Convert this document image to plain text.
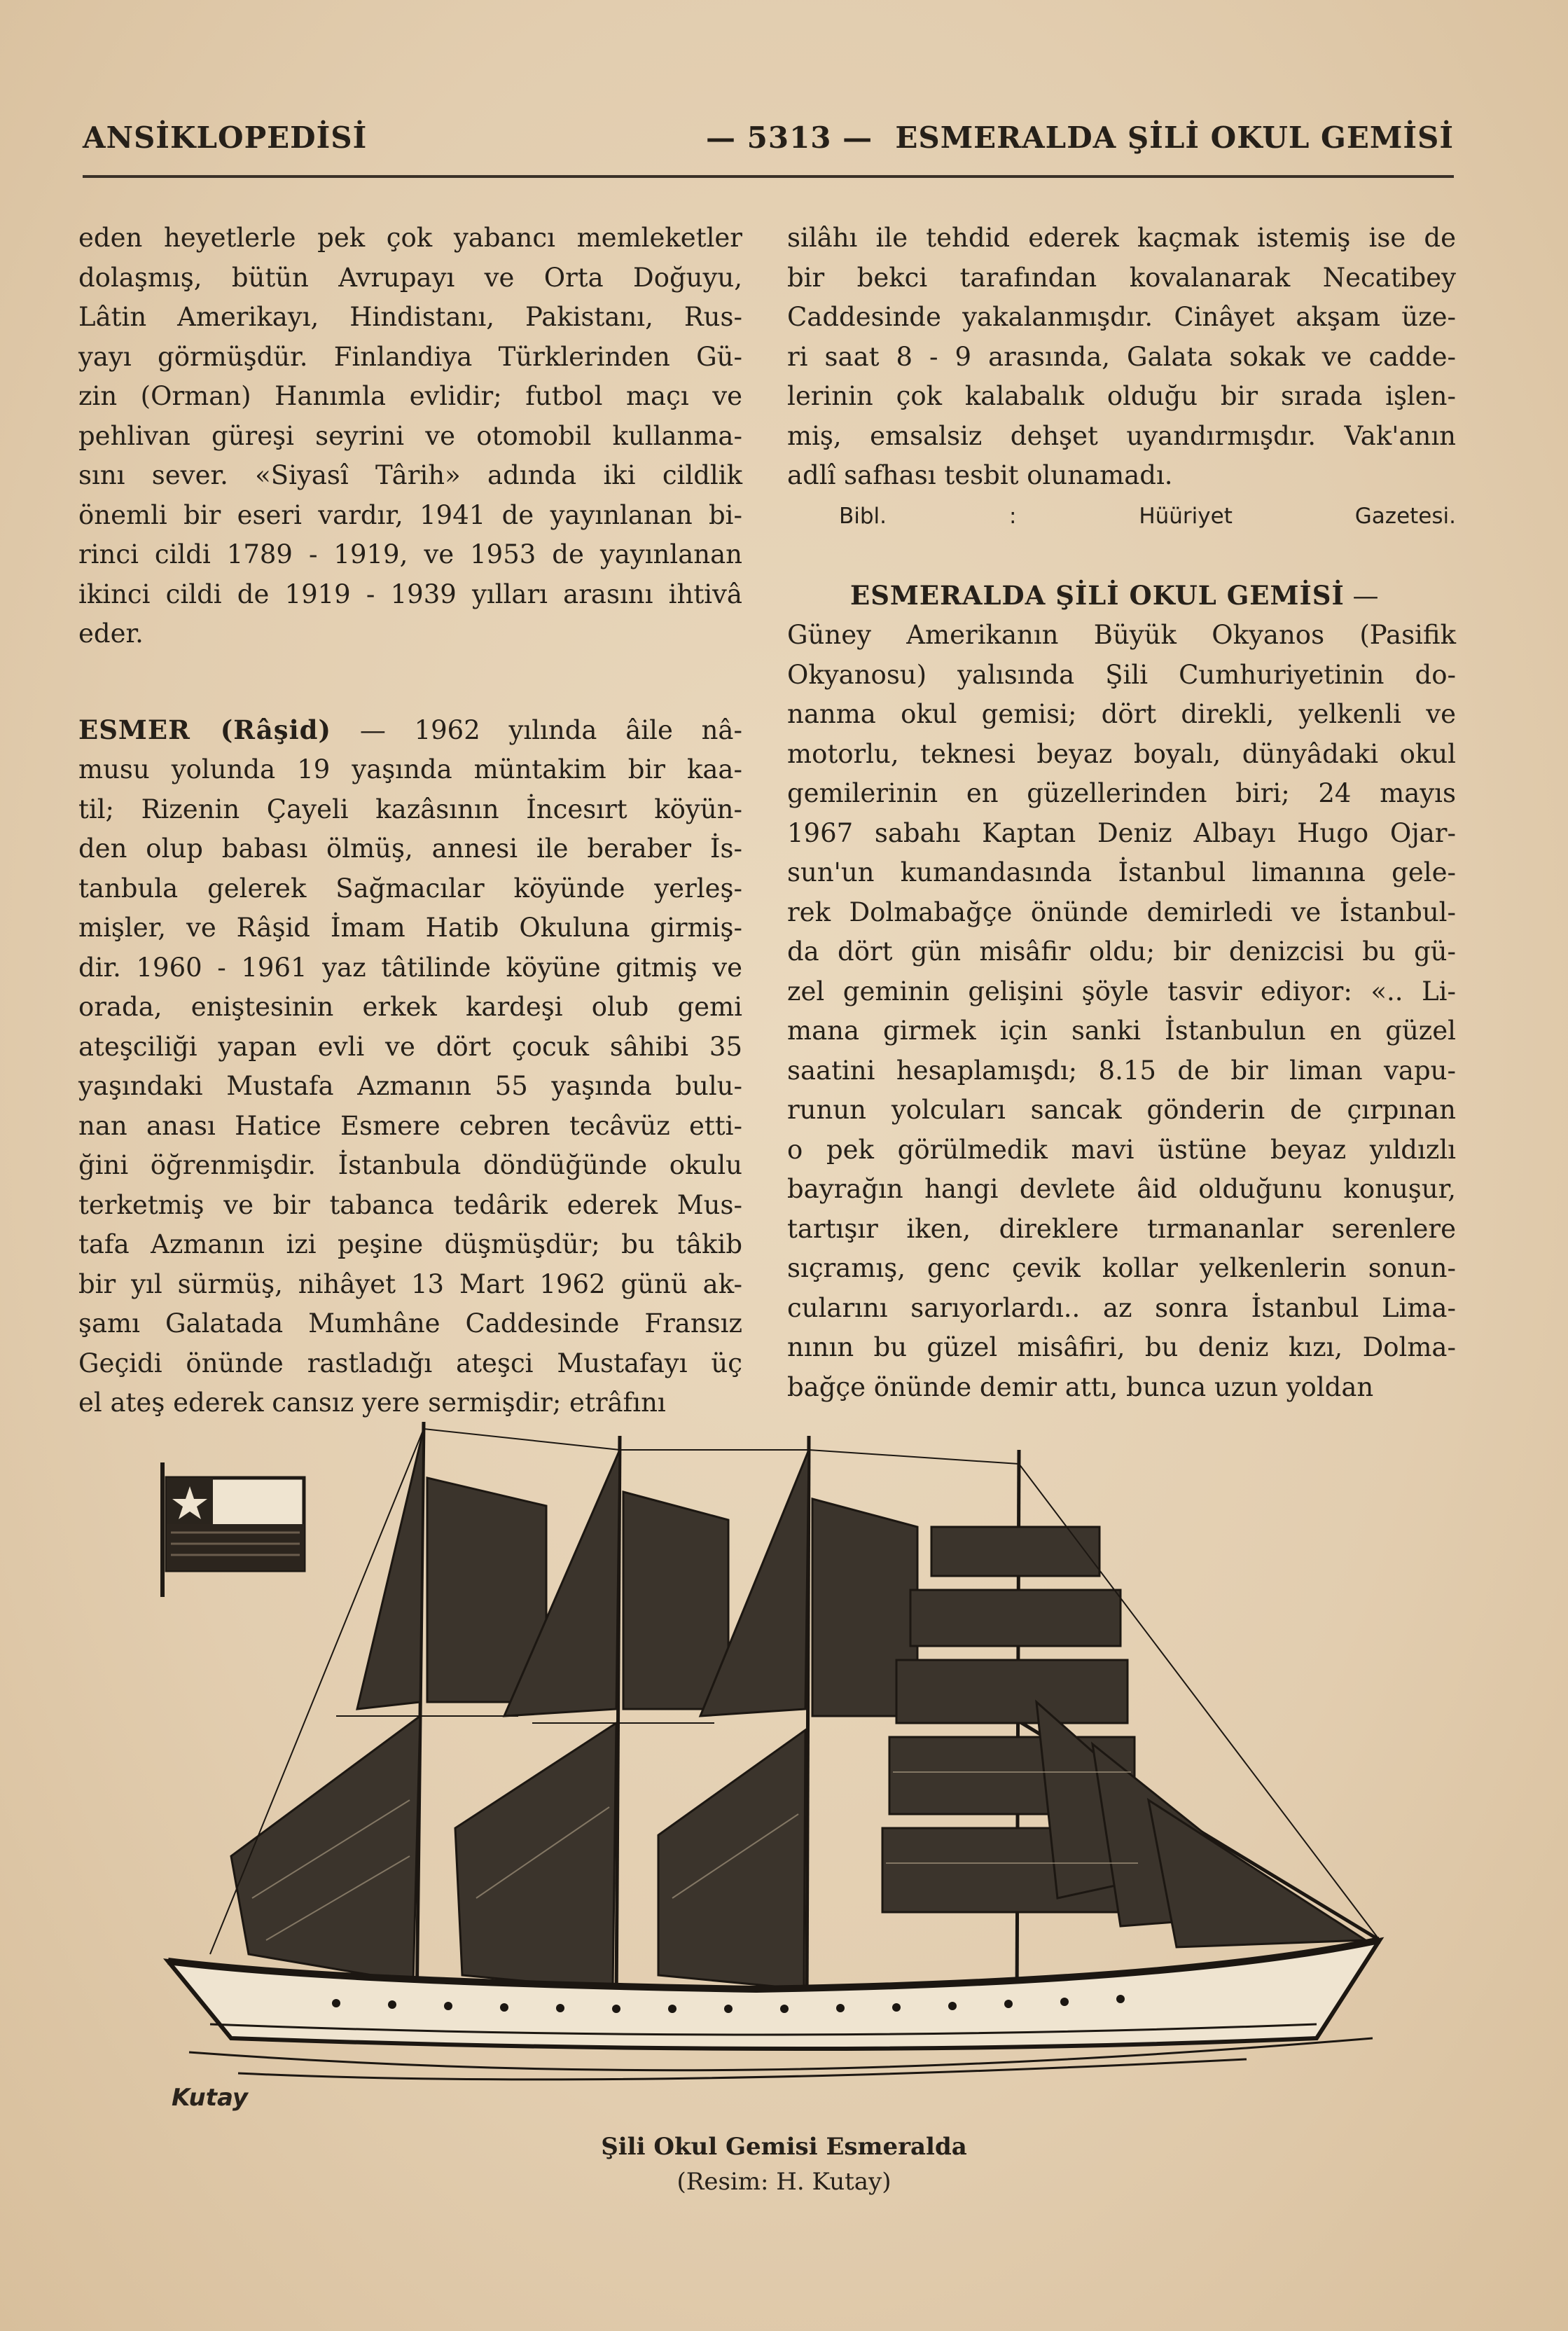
ANSİKLOPEDİSİ	— 5313 — ESMERALDA ŞİLİ OKUL GEMİSİ

eden heyetlerle pek çok yabancı memleketler

dolaşmış, bütün Avrupayı ve Orta Doğuyu,

Lâtin Amerikayı, Hindistanı, Pakistanı, Rus-

yayı görmüşdür. Finlandiya Türklerinden Gü-

zin (Orman) Hanımla evlidir; futbol maçı ve

pehlivan güreşi seyrini ve otomobil kullanma-

sını sever. «Siyasî Târih» adında iki cildlik

önemli bir eseri vardır, 1941 de yayınlanan bi-

rinci cildi 1789 - 1919, ve 1953 de yayınlanan

ikinci cildi de 1919 - 1939 yılları arasını ihtivâ

eder.

ESMER (Râşid) — 1962 yılında âile nâ-

musu yolunda 19 yaşında müntakim bir kaa-

til; Rizenin Çayeli kazâsının İncesırt köyün-

den olup babası ölmüş, annesi ile beraber İs-

tanbula gelerek Sağmacılar köyünde yerleş-

mişler, ve Râşid İmam Hatib Okuluna girmiş-

dir. 1960 - 1961 yaz tâtilinde köyüne gitmiş ve

orada, eniştesinin erkek kardeşi olub gemi

ateşciliği yapan evli ve dört çocuk sâhibi 35

yaşındaki Mustafa Azmanın 55 yaşında bulu-

nan anası Hatice Esmere cebren tecâvüz etti-

ğini öğrenmişdir. İstanbula döndüğünde okulu

terketmiş ve bir tabanca tedârik ederek Mus-

tafa Azmanın izi peşine düşmüşdür; bu tâkib

bir yıl sürmüş, nihâyet 13 Mart 1962 günü ak-

şamı Galatada Mumhâne Caddesinde Fransız

Geçidi önünde rastladığı ateşci Mustafayı üç

el ateş ederek cansız yere sermişdir; etrâfını

silâhı ile tehdid ederek kaçmak istemiş ise de

bir bekci tarafından kovalanarak Necatibey

Caddesinde yakalanmışdır. Cinâyet akşam üze-

ri saat 8 - 9 arasında, Galata sokak ve cadde-

lerinin çok kalabalık olduğu bir sırada işlen-

miş, emsalsiz dehşet uyandırmışdır. Vak'anın

adlî safhası tesbit olunamadı.

Bibl. : Hüüriyet Gazetesi.

ESMERALDA ŞİLİ OKUL GEMİSİ —

Güney Amerikanın Büyük Okyanos (Pasifik

Okyanosu) yalısında Şili Cumhuriyetinin do-

nanma okul gemisi; dört direkli, yelkenli ve

motorlu, teknesi beyaz boyalı, dünyâdaki okul

gemilerinin en güzellerinden biri; 24 mayıs

1967 sabahı Kaptan Deniz Albayı Hugo Ojar-

sun'un kumandasında İstanbul limanına gele-

rek Dolmabağçe önünde demirledi ve İstanbul-

da dört gün misâfir oldu; bir denizcisi bu gü-

zel geminin gelişini şöyle tasvir ediyor: «.. Li-

mana girmek için sanki İstanbulun en güzel

saatini hesaplamışdı; 8.15 de bir liman vapu-

runun yolcuları sancak gönderin de çırpınan

o pek görülmedik mavi üstüne beyaz yıldızlı

bayrağın hangi devlete âid olduğunu konuşur,

tartışır iken, direklere tırmananlar serenlere

sıçramış, genc çevik kollar yelkenlerin sonun-

cularını sarıyorlardı.. az sonra İstanbul Lima-

nının bu güzel misâfiri, bu deniz kızı, Dolma-

bağçe önünde demir attı, bunca uzun yoldan

Kutay
Şili Okul Gemisi Esmeralda
(Resim: H. Kutay)
